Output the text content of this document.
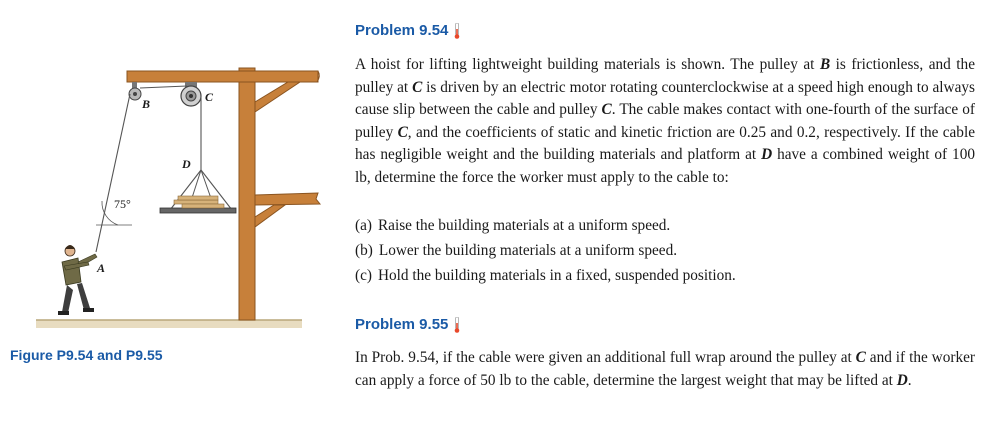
B	C
D
A
75°
Figure P9.54 and P9.55
Problem 9.54

A hoist for lifting lightweight building materials is shown. The pulley at B is frictionless, and the pulley at C is driven by an electric motor rotating counterclockwise at a speed high enough to always cause slip between the cable and pulley C. The cable makes contact with one-fourth of the surface of pulley C, and the coefficients of static and kinetic friction are 0.25 and 0.2, respectively. If the cable has negligible weight and the building materials and platform at D have a combined weight of 100 lb, determine the force the worker must apply to the cable to:

(a) Raise the building materials at a uniform speed.
(b) Lower the building materials at a uniform speed.
(c) Hold the building materials in a fixed, suspended position.
Problem 9.55

In Prob. 9.54, if the cable were given an additional full wrap around the pulley at C and if the worker can apply a force of 50 lb to the cable, determine the largest weight that may be lifted at D.
